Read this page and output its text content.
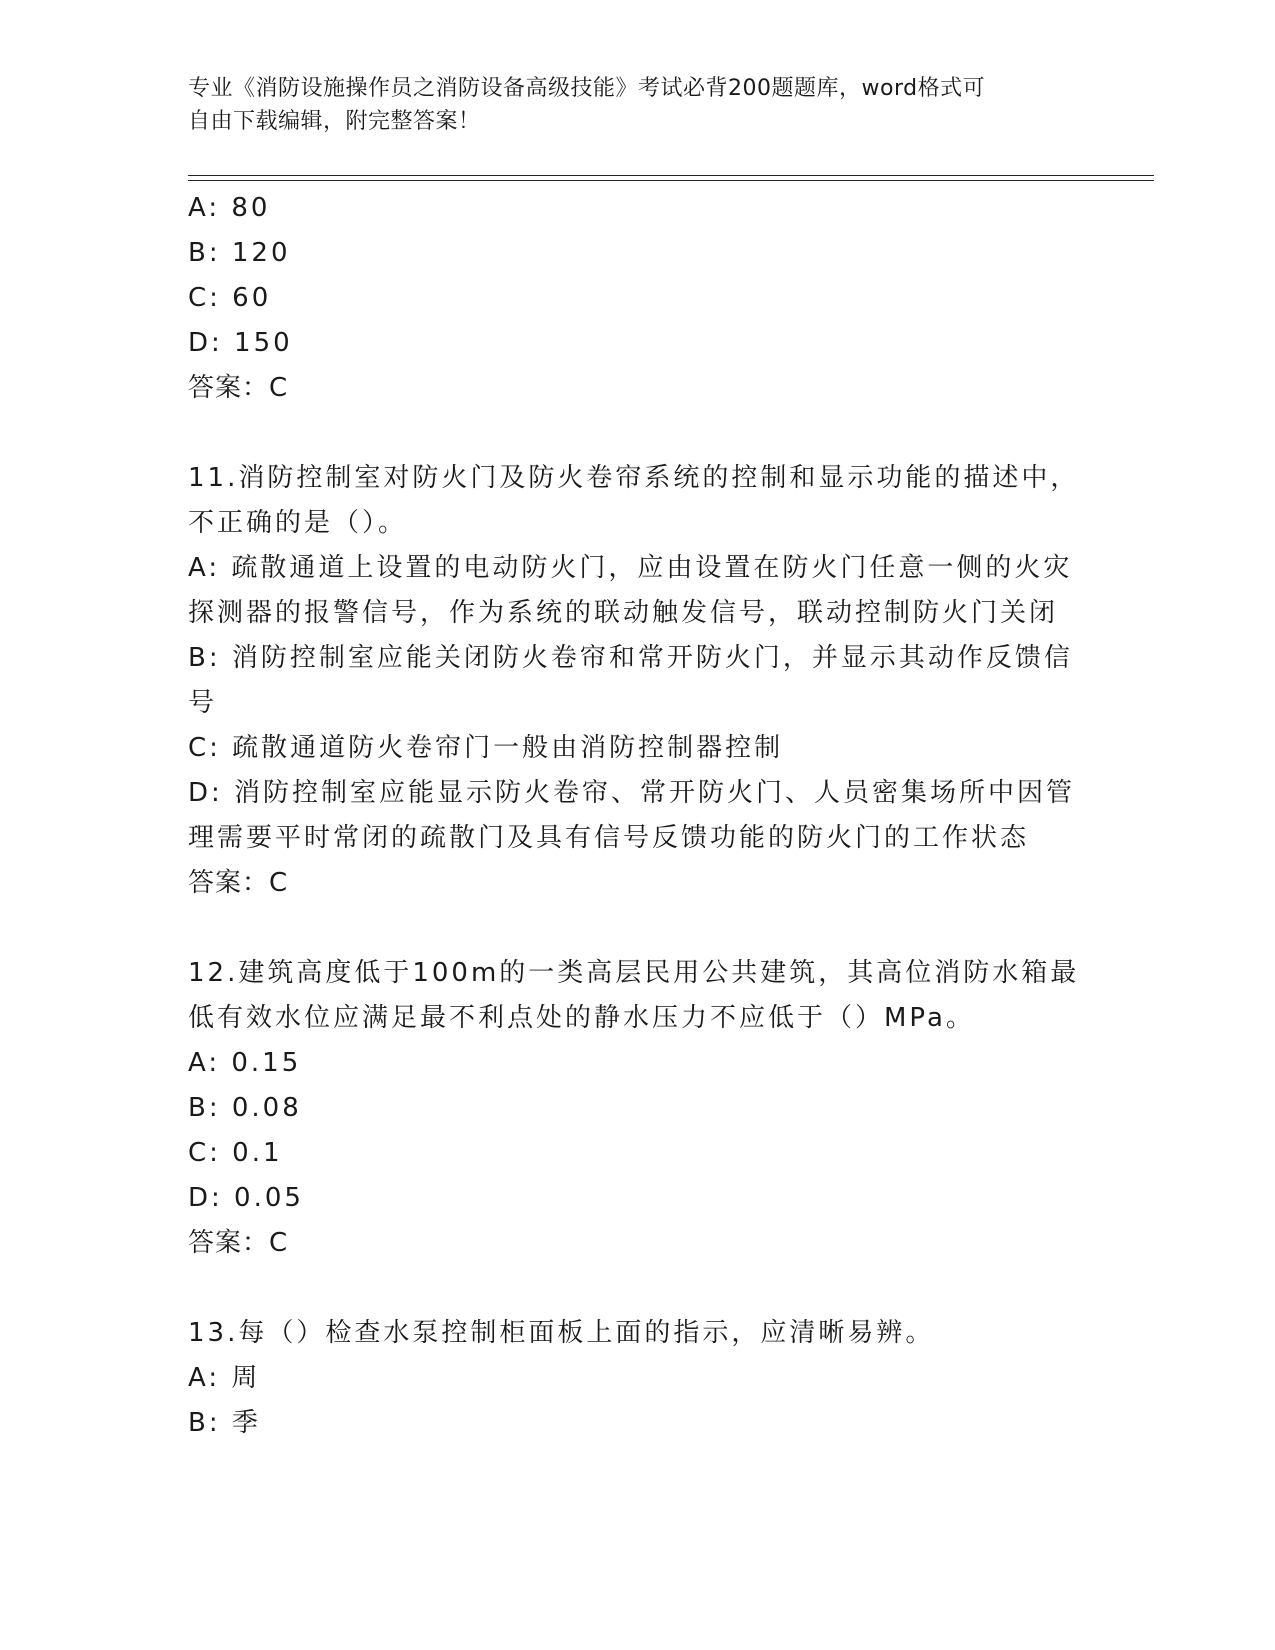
专业《消防设施操作员之消防设备高级技能》考试必背200题题库，word格式可
自由下载编辑，附完整答案！
A: 80
B: 120
C: 60
D: 150
答案：C
11.消防控制室对防火门及防火卷帘系统的控制和显示功能的描述中，
不正确的是（）。
A: 疏散通道上设置的电动防火门，应由设置在防火门任意一侧的火灾
探测器的报警信号，作为系统的联动触发信号，联动控制防火门关闭
B: 消防控制室应能关闭防火卷帘和常开防火门，并显示其动作反馈信
号
C: 疏散通道防火卷帘门一般由消防控制器控制
D: 消防控制室应能显示防火卷帘、常开防火门、人员密集场所中因管
理需要平时常闭的疏散门及具有信号反馈功能的防火门的工作状态
答案：C
12.建筑高度低于100m的一类高层民用公共建筑，其高位消防水箱最
低有效水位应满足最不利点处的静水压力不应低于（）MPa。
A: 0.15
B: 0.08
C: 0.1
D: 0.05
答案：C
13.每（）检查水泵控制柜面板上面的指示，应清晰易辨。
A: 周
B: 季
